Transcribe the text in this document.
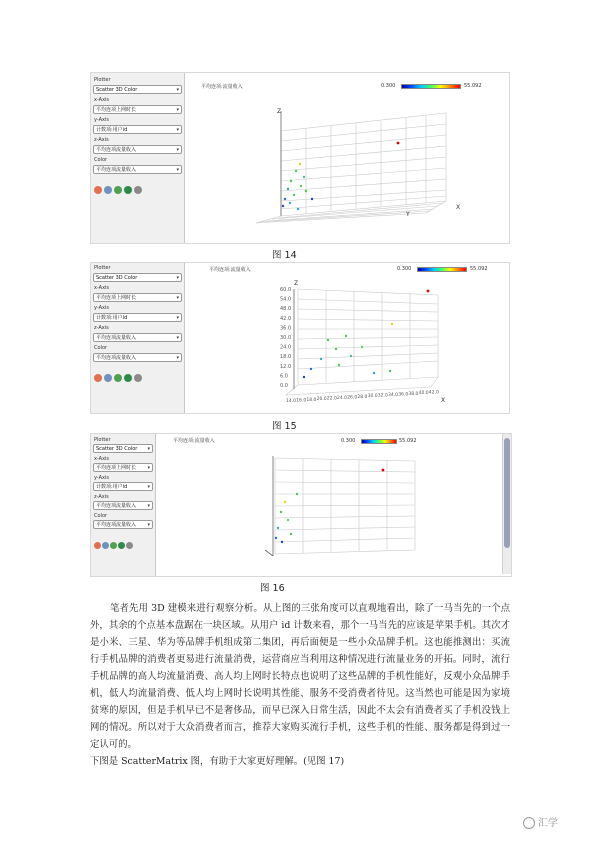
Plotter
Scatter 3D Color	▾
x-Axis
平均连项上网时长	▾
y-Axis
计数项:用户id	▾
z-Axis
平均连项流量收入	▾
Color
平均连项流量收入	▾
平均连项:流量收入	0.300	55.092
Z
Y
X
图 14
Plotter
Scatter 3D Color	▾
x-Axis
平均连项上网时长	▾
y-Axis
计数项:用户id	▾
z-Axis
平均连项流量收入	▾
Color
平均连项流量收入	▾
平均连项:流量收入	0.300	55.092
Z
X
60.0
54.0
48.0
42.0
36.0
30.0
24.0
18.0
12.0
6.0
0.0
14.0 16.0 18.0 20.0 22.0 24.0 26.0 28.0 30.0 32.0 34.0 36.0 38.0 40.0 42.0
图 15
Plotter
Scatter 3D Color ▾
x-Axis
平均连项上网时长 ▾
y-Axis
计数项:用户id	▾
z-Axis
平均连项流量收入 ▾
Color
平均连项流量收入 ▾
平均连项:流量收入	0.300	55.092
图 16

笔者先用 3D 建模来进行观察分析。从上图的三张角度可以直观地看出，除了一马当先的一个点外，其余的个点基本盘踞在一块区域。从用户 id 计数来看，那个一马当先的应该是苹果手机。其次才是小米、三星、华为等品牌手机组成第二集团，再后面便是一些小众品牌手机。这也能推测出：买流行手机品牌的消费者更易进行流量消费，运营商应当利用这种情况进行流量业务的开拓。同时，流行手机品牌的高人均流量消费、高人均上网时长特点也说明了这些品牌的手机性能好，反观小众品牌手机，低人均流量消费、低人均上网时长说明其性能、服务不受消费者待见。这当然也可能是因为家境贫寒的原因，但是手机早已不是奢侈品，而早已深入日常生活，因此不太会有消费者买了手机没钱上网的情况。所以对于大众消费者而言，推荐大家购买流行手机，这些手机的性能、服务都是得到过一定认可的。

下图是 ScatterMatrix 图，有助于大家更好理解。(见图 17)

汇学
